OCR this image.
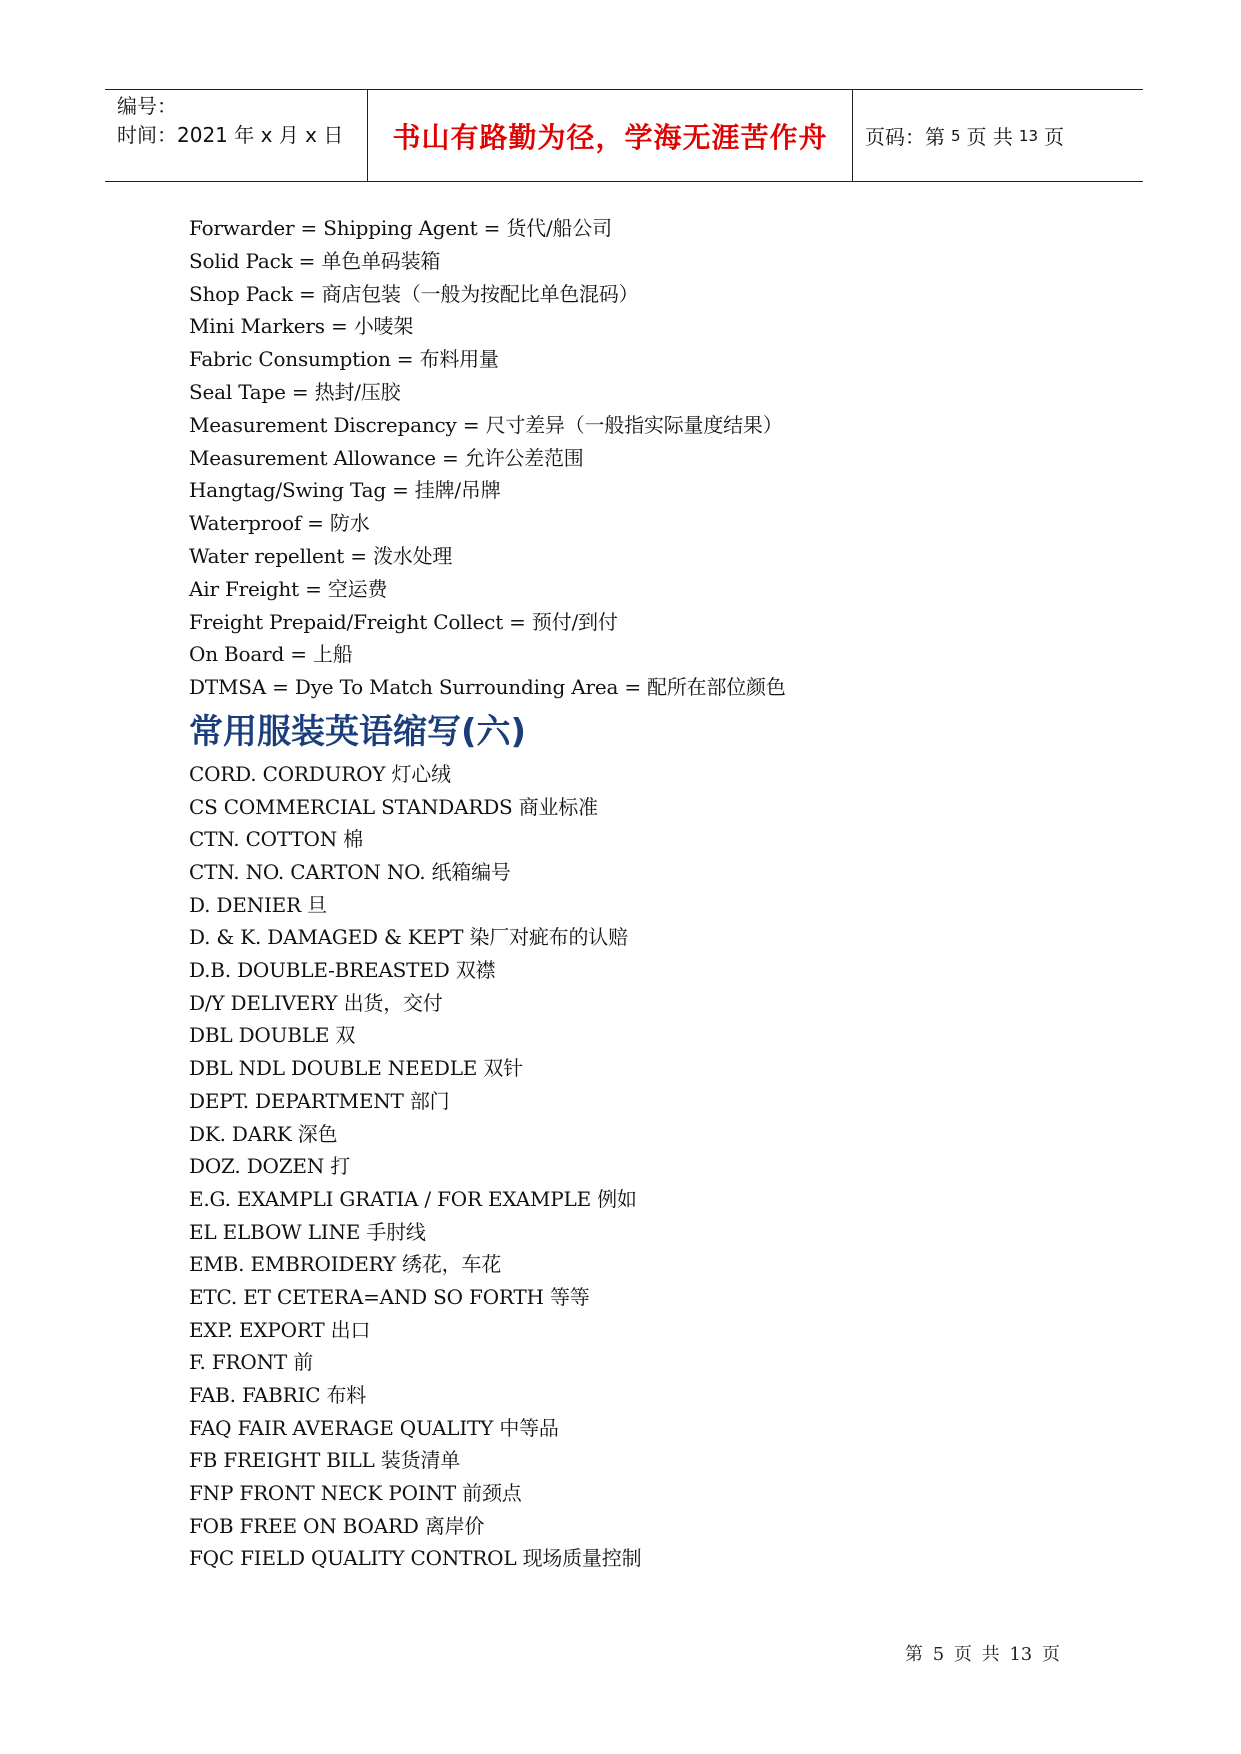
编号：
时间：2021 年 x 月 x 日	书山有路勤为径，学海无涯苦作舟 页码：第 5 页 共 13 页
Forwarder = Shipping Agent = 货代/船公司
Solid Pack = 单色单码装箱
Shop Pack = 商店包装（一般为按配比单色混码）
Mini Markers = 小唛架
Fabric Consumption = 布料用量
Seal Tape = 热封/压胶
Measurement Discrepancy = 尺寸差异（一般指实际量度结果）
Measurement Allowance = 允许公差范围
Hangtag/Swing Tag = 挂牌/吊牌
Waterproof = 防水
Water repellent = 泼水处理
Air Freight = 空运费
Freight Prepaid/Freight Collect = 预付/到付
On Board = 上船
DTMSA = Dye To Match Surrounding Area = 配所在部位颜色
常用服装英语缩写(六)
CORD. CORDUROY 灯心绒
CS COMMERCIAL STANDARDS 商业标准
CTN. COTTON 棉
CTN. NO. CARTON NO. 纸箱编号
D. DENIER 旦
D. & K. DAMAGED & KEPT 染厂对疵布的认赔
D.B. DOUBLE-BREASTED 双襟
D/Y DELIVERY 出货，交付
DBL DOUBLE 双
DBL NDL DOUBLE NEEDLE 双针
DEPT. DEPARTMENT 部门
DK. DARK 深色
DOZ. DOZEN 打
E.G. EXAMPLI GRATIA / FOR EXAMPLE 例如
EL ELBOW LINE 手肘线
EMB. EMBROIDERY 绣花，车花
ETC. ET CETERA=AND SO FORTH 等等
EXP. EXPORT 出口
F. FRONT 前
FAB. FABRIC 布料
FAQ FAIR AVERAGE QUALITY 中等品
FB FREIGHT BILL 装货清单
FNP FRONT NECK POINT 前颈点
FOB FREE ON BOARD 离岸价
FQC FIELD QUALITY CONTROL 现场质量控制
第 5 页 共 13 页
